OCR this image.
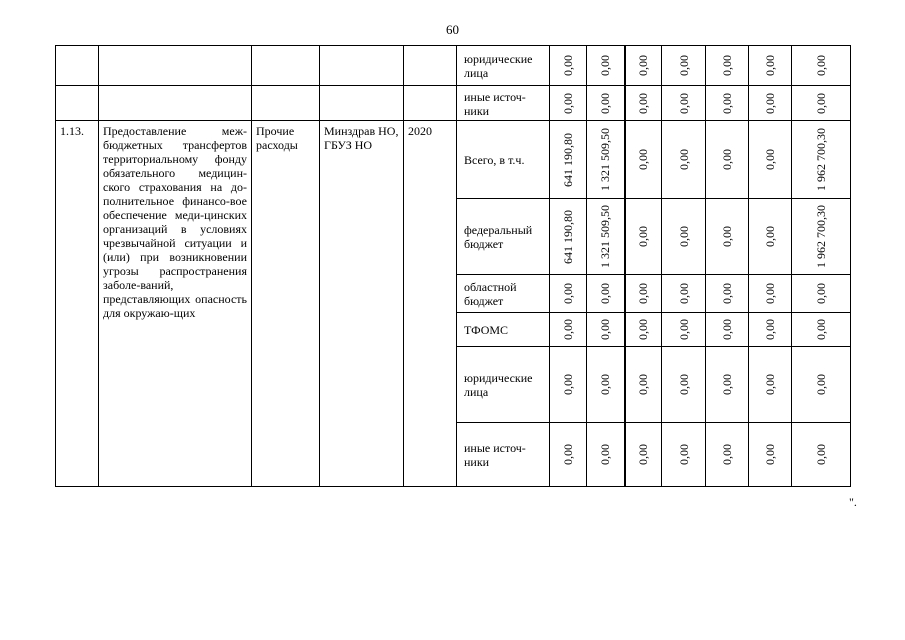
60
					юридические лица	0,00	0,00	0,00	0,00	0,00	0,00	0,00

					иные источ-ники	0,00	0,00	0,00	0,00	0,00	0,00	0,00

1.13.	Предоставление меж-бюджетных трансфертов территориальному фонду обязательного медицин-ского страхования на до-полнительное финансо-вое обеспечение меди-цинских организаций в условиях чрезвычайной ситуации и (или) при возникновении угрозы распространения заболе-ваний, представляющих опасность для окружаю-щих	Прочие расходы	Минздрав НО, ГБУЗ НО	2020	Всего, в т.ч.	641 190,80	1 321 509,50	0,00	0,00	0,00	0,00	1 962 700,30

					федеральный бюджет	641 190,80	1 321 509,50	0,00	0,00	0,00	0,00	1 962 700,30

					областной бюджет	0,00	0,00	0,00	0,00	0,00	0,00	0,00

					ТФОМС	0,00	0,00	0,00	0,00	0,00	0,00	0,00

					юридические лица	0,00	0,00	0,00	0,00	0,00	0,00	0,00

					иные источ-ники	0,00	0,00	0,00	0,00	0,00	0,00	0,00
".
